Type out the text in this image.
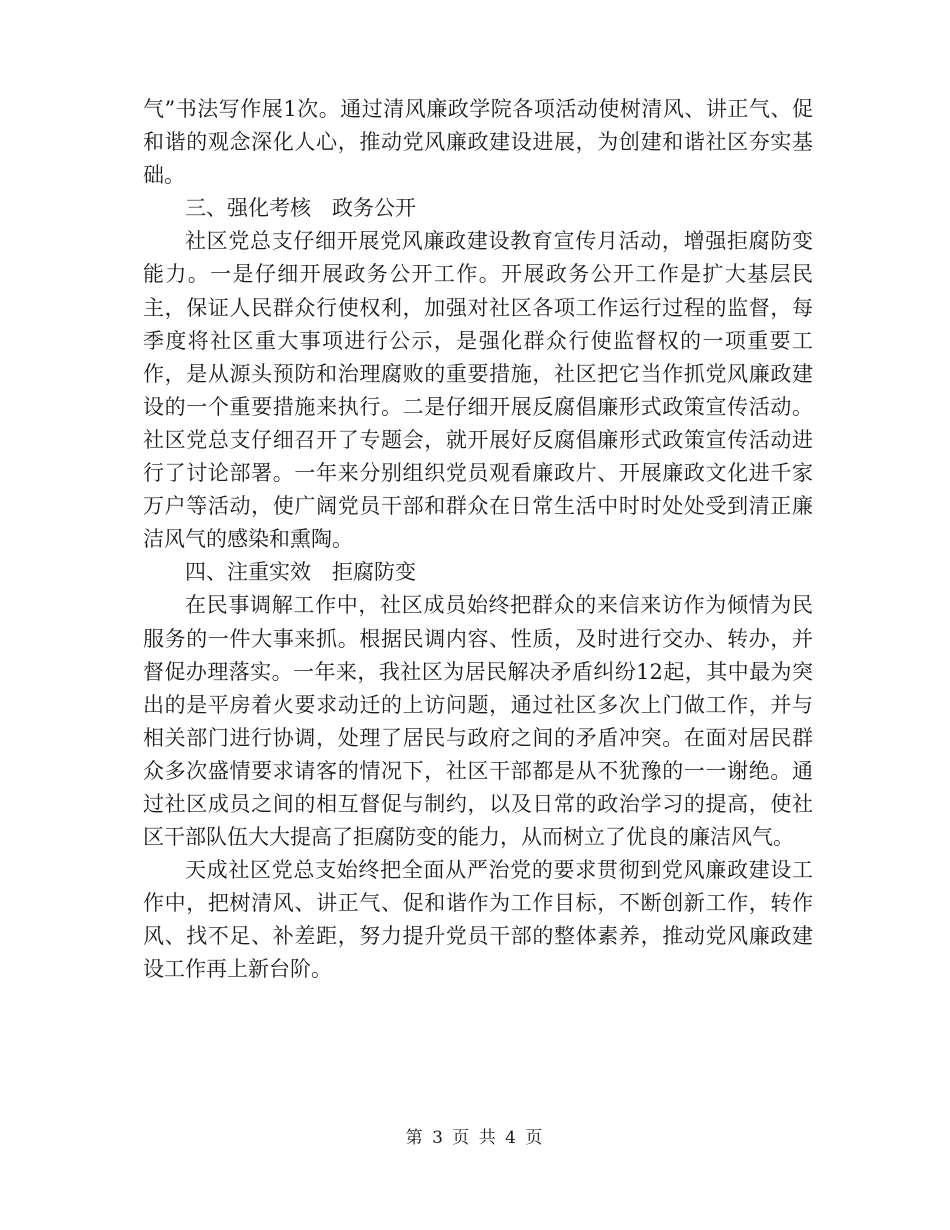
气”书法写作展1次。通过清风廉政学院各项活动使树清风、讲正气、促和谐的观念深化人心，推动党风廉政建设进展，为创建和谐社区夯实基础。

三、强化考核　政务公开

社区党总支仔细开展党风廉政建设教育宣传月活动，增强拒腐防变能力。一是仔细开展政务公开工作。开展政务公开工作是扩大基层民主，保证人民群众行使权利，加强对社区各项工作运行过程的监督，每季度将社区重大事项进行公示，是强化群众行使监督权的一项重要工作，是从源头预防和治理腐败的重要措施，社区把它当作抓党风廉政建设的一个重要措施来执行。二是仔细开展反腐倡廉形式政策宣传活动。社区党总支仔细召开了专题会，就开展好反腐倡廉形式政策宣传活动进行了讨论部署。一年来分别组织党员观看廉政片、开展廉政文化进千家万户等活动，使广阔党员干部和群众在日常生活中时时处处受到清正廉洁风气的感染和熏陶。

四、注重实效　拒腐防变

在民事调解工作中，社区成员始终把群众的来信来访作为倾情为民服务的一件大事来抓。根据民调内容、性质，及时进行交办、转办，并督促办理落实。一年来，我社区为居民解决矛盾纠纷12起，其中最为突出的是平房着火要求动迁的上访问题，通过社区多次上门做工作，并与相关部门进行协调，处理了居民与政府之间的矛盾冲突。在面对居民群众多次盛情要求请客的情况下，社区干部都是从不犹豫的一一谢绝。通过社区成员之间的相互督促与制约，以及日常的政治学习的提高，使社区干部队伍大大提高了拒腐防变的能力，从而树立了优良的廉洁风气。

天成社区党总支始终把全面从严治党的要求贯彻到党风廉政建设工作中，把树清风、讲正气、促和谐作为工作目标，不断创新工作，转作风、找不足、补差距，努力提升党员干部的整体素养，推动党风廉政建设工作再上新台阶。

第 3 页 共 4 页
